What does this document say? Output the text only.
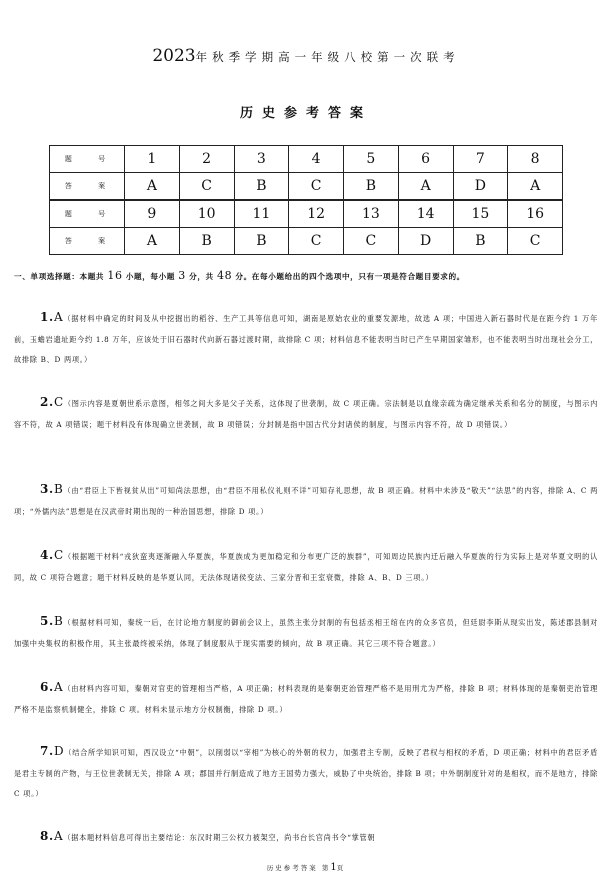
2023年秋季学期高一年级八校第一次联考
历史参考答案
题 号	1	2	3	4	5	6	7	8
答 案	A	C	B	C	B	A	D	A
题 号	9	10	11	12	13	14	15	16
答 案	A	B	B	C	C	D	B	C
一、单项选择题：本题共 16 小题，每小题 3 分，共 48 分。在每小题给出的四个选项中，只有一项是符合题目要求的。
1.A（据材料中确定的时间及从中挖掘出的稻谷、生产工具等信息可知，湖南是原始农业的重要发源地，故选 A 项；中国进入新石器时代是在距今约 1 万年前，玉蟾岩遗址距今约 1.8 万年，应该处于旧石器时代向新石器过渡时期，故排除 C 项；材料信息不能表明当时已产生早期国家雏形，也不能表明当时出现社会分工，故排除 B、D 两项。）
2.C（图示内容是夏朝世系示意图，相邻之间大多是父子关系，这体现了世袭制，故 C 项正确。宗法制是以血缘亲疏为确定继承关系和名分的制度，与图示内容不符，故 A 项错误；题干材料没有体现确立世袭制，故 B 项错误；分封制是指中国古代分封诸侯的制度，与图示内容不符，故 D 项错误。）
3.B（由“君臣上下皆视贫从出”可知尚法思想，由“君臣不用私仪礼则不详”可知存礼思想，故 B 项正确。材料中未涉及“敬天”“法思”的内容，排除 A、C 两项；“外儒内法”思想是在汉武帝时期出现的一种治国思想，排除 D 项。）
4.C（根据题干材料“戎狄蛮夷逐渐融入华夏族，华夏族成为更加稳定和分布更广泛的族群”，可知周边民族内迁后融入华夏族的行为实际上是对华夏文明的认同，故 C 项符合题意；题干材料反映的是华夏认同，无法体现诸侯变法、三家分晋和王室衰微，排除 A、B、D 三项。）
5.B（根据材料可知，秦统一后，在讨论地方制度的御前会议上，虽然主张分封制的有包括丞相王绾在内的众多官员，但廷尉李斯从现实出发，陈述郡县制对加强中央集权的积极作用，其主张最终被采纳，体现了制度服从于现实需要的倾向，故 B 项正确。其它三项不符合题意。）
6.A（由材料内容可知，秦朝对官吏的管理相当严格，A 项正确；材料表现的是秦朝吏治管理严格不是用刑尤为严格，排除 B 项；材料体现的是秦朝吏治管理严格不是监察机制健全，排除 C 项。材料未显示地方分权制衡，排除 D 项。）
7.D（结合所学知识可知，西汉设立“中朝”，以削弱以“宰相”为核心的外朝的权力，加强君主专制，反映了君权与相权的矛盾，D 项正确；材料中的君臣矛盾是君主专制的产物，与王位世袭制无关，排除 A 项；郡国并行制造成了地方王国势力强大，威胁了中央统治，排除 B 项；中外朝制度针对的是相权，而不是地方，排除 C 项。）
8.A（据本题材料信息可得出主要结论：东汉时期三公权力被架空，尚书台长官尚书令“掌管朝
历史参考答案 第1页
